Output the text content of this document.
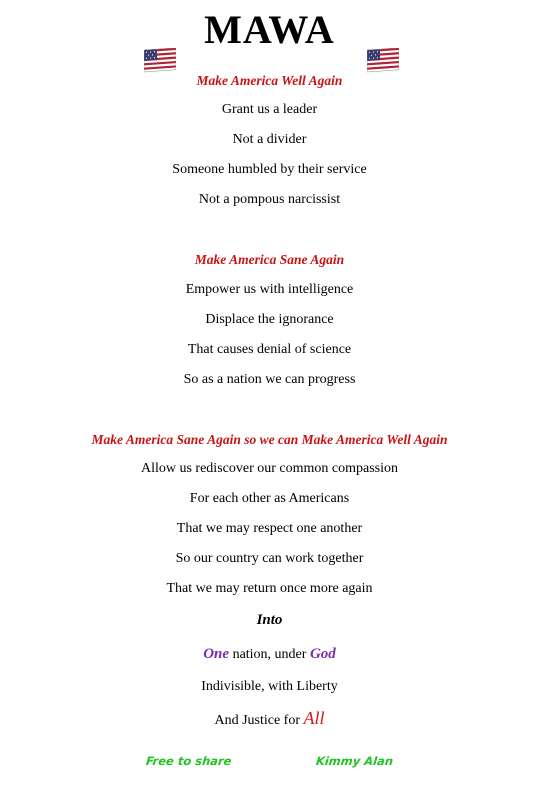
MAWA
Make America Well Again
Grant us a leader
Not a divider
Someone humbled by their service
Not a pompous narcissist
Make America Sane Again
Empower us with intelligence
Displace the ignorance
That causes denial of science
So as a nation we can progress
Make America Sane Again so we can Make America Well Again
Allow us rediscover our common compassion
For each other as Americans
That we may respect one another
So our country can work together
That we may return once more again
Into
One nation, under God
Indivisible, with Liberty
And Justice for All
Free to share	Kimmy Alan
